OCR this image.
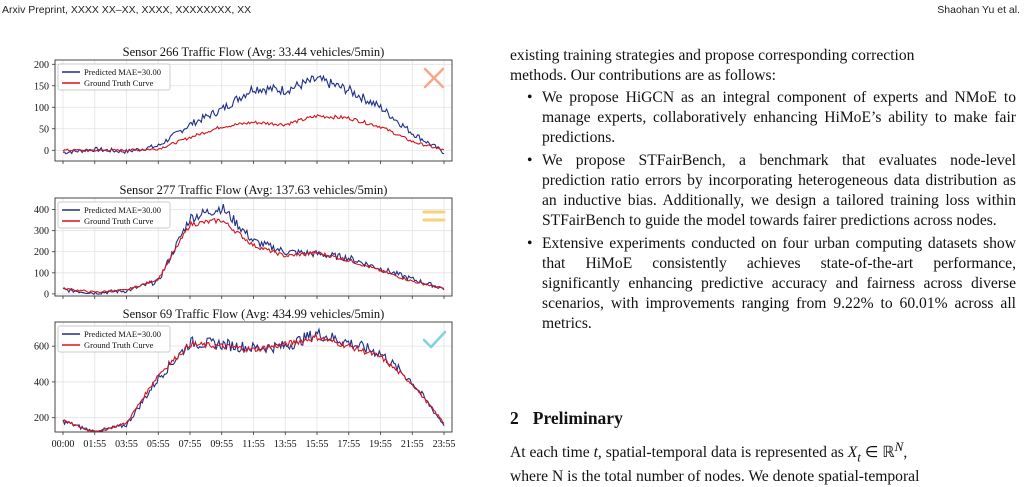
Arxiv Preprint, XXXX XX–XX, XXXX, XXXXXXXX, XX	Shaohan Yu et al.
Sensor 266 Traffic Flow (Avg: 33.44 vehicles/5min)
0
50
100
150
200
Predicted MAE=30.00
Ground Truth Curve
Sensor 277 Traffic Flow (Avg: 137.63 vehicles/5min)
0
100
200
300
400	Predicted MAE=30.00
Ground Truth Curve
Sensor 69 Traffic Flow (Avg: 434.99 vehicles/5min)
200
400
600
00:00 01:55 03:55 05:55 07:55 09:55 11:55 13:55 15:55 17:55 19:55 21:55 23:55
Predicted MAE=30.00
Ground Truth Curve

existing training strategies and propose corresponding correction

methods. Our contributions are as follows:

• We propose HiGCN as an integral component of experts and NMoE to manage experts, collaboratively enhancing HiMoE’s ability to make fair predictions.
• We propose STFairBench, a benchmark that evaluates node-level prediction ratio errors by incorporating heterogeneous data distribution as an inductive bias. Additionally, we design a tailored training loss within STFairBench to guide the model towards fairer predictions across nodes.
• Extensive experiments conducted on four urban computing datasets show that HiMoE consistently achieves state-of-the-art performance, significantly enhancing predictive accuracy and fairness across diverse scenarios, with improvements ranging from 9.22% to 60.01% across all metrics.
2 Preliminary

At each time t, spatial-temporal data is represented as $X_t$ ∈ ℝ$^N$,

where N is the total number of nodes. We denote spatial-temporal
